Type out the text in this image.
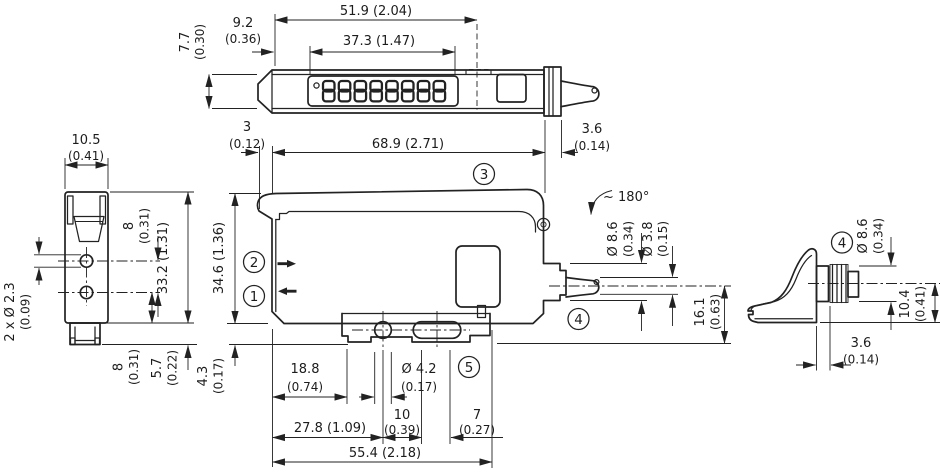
51.9 (2.04)
37.3 (1.47)
9.2
(0.36)
7.7 (0.30)
3
(0.12)	68.9 (2.71)
3.6
(0.14)
~ 180°
Ø 8.6 (0.34) Ø 3.8 (0.15)
16.1 (0.63)
34.6 (1.36)
4.3 (0.17)	18.8
(0.74)
Ø 4.2
(0.17)
27.8 (1.09)
10
(0.39)
7
(0.27)
55.4 (2.18)
2
1
3
4
5
10.5
(0.41)
2 x Ø 2.3 (0.09)
8 (0.31) 33.2 (1.31)
8 (0.31) 5.7 (0.22)
4 Ø 8.6 (0.34)
10.4 (0.41)
3.6
(0.14)
